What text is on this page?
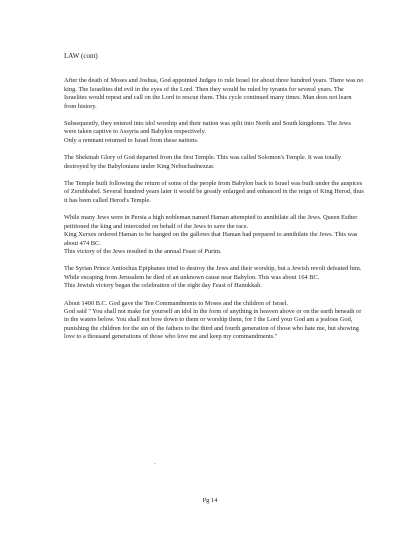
LAW (cont)

After the death of Moses and Joshua, God appointed Judges to rule Israel for about three hundred years. There was no king. The Israelites did evil in the eyes of the Lord. Then they would be ruled by tyrants for several years. The Israelites would repeat and call on the Lord to rescue them. This cycle continued many times. Man does not learn from history.

Subsequently, they entered into idol worship and their nation was split into North and South kingdoms. The Jews were taken captive to Assyria and Babylon respectively.
Only a remnant returned to Israel from these nations.

The Shekinah Glory of God departed from the first Temple. This was called Solomon's Temple. It was totally destroyed by the Babylonians under King Nebuchadnezzar.

The Temple built following the return of some of the people from Babylon back to Israel was built under the auspices of Zerubbabel. Several hundred years later it would be greatly enlarged and enhanced in the reign of King Herod, thus it has been called Herod's Temple.

While many Jews were in Persia a high nobleman named Haman attempted to annihilate all the Jews. Queen Esther petitioned the king and interceded on behalf of the Jews to save the race.
King Xerxes ordered Haman to be hanged on the gallows that Haman had prepared to annihilate the Jews. This was about 474 BC.
This victory of the Jews resulted in the annual Feast of Purim.

The Syrian Prince Antiochus Epiphanes tried to destroy the Jews and their worship, but a Jewish revolt defeated him. While escaping from Jerusalem he died of an unknown cause near Babylon. This was about 164 BC.
This Jewish victory began the celebration of the eight day Feast of Hanukkah.

About 1400 B.C. God gave the Ten Commandments to Moses and the children of Israel.
God said " You shall not make for yourself an idol in the form of anything in heaven above or on the earth beneath or in the waters below. You shall not bow down to them or worship them, for I the Lord your God am a jealous God, punishing the children for the sin of the fathers to the third and fourth generation of those who hate me, but showing love to a thousand generations of those who love me and keep my commandments."

-
Pg 14
